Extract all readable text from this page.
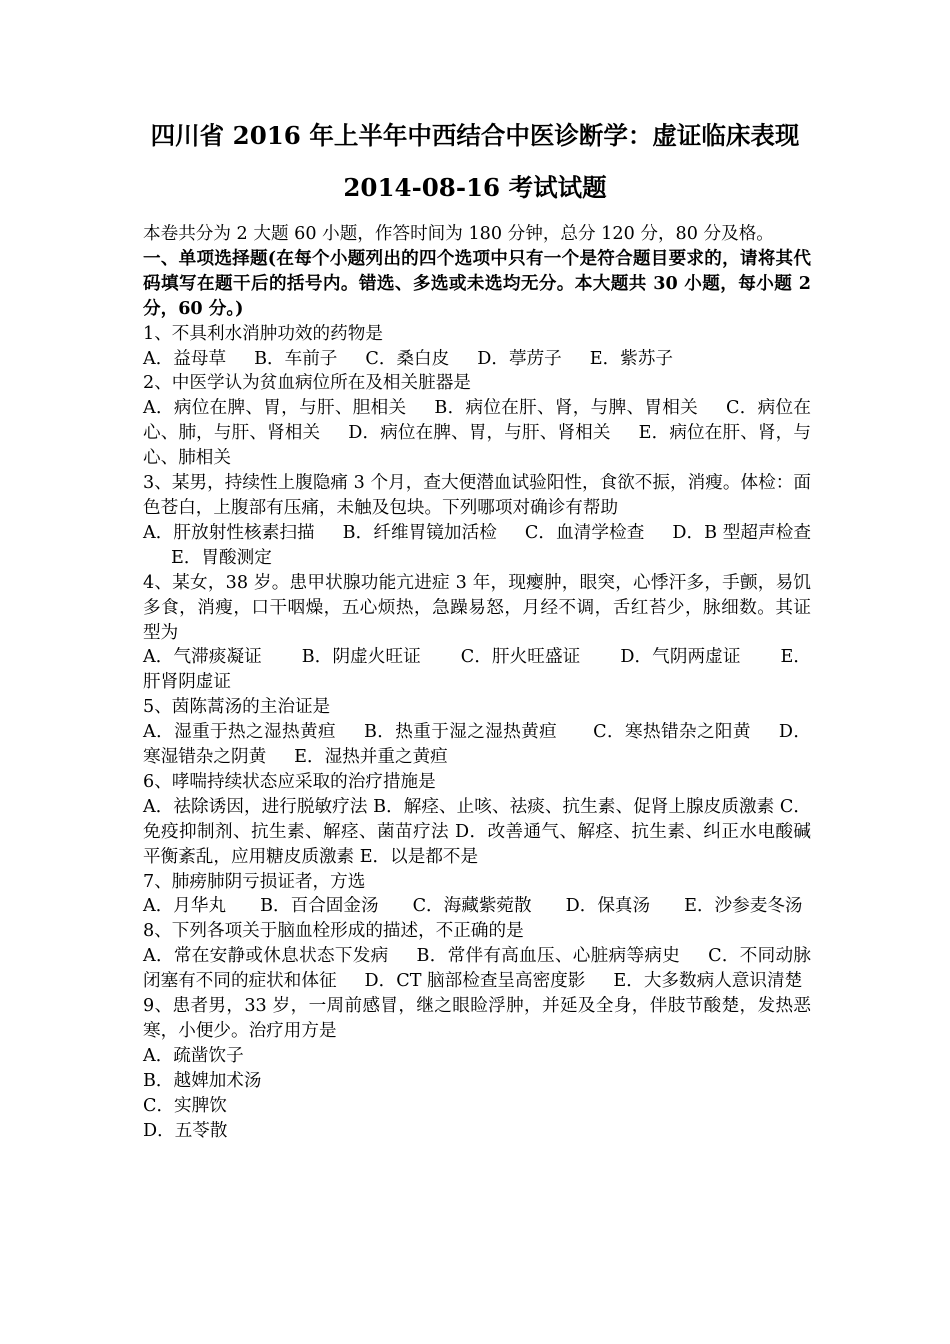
四川省 2016 年上半年中西结合中医诊断学：虚证临床表现
2014-08-16 考试试题

本卷共分为 2 大题 60 小题，作答时间为 180 分钟，总分 120 分，80 分及格。

一、单项选择题(在每个小题列出的四个选项中只有一个是符合题目要求的，请将其代码填写在题干后的括号内。错选、多选或未选均无分。本大题共 30 小题，每小题 2 分，60 分。)

1、不具利水消肿功效的药物是

A．益母草 B．车前子 C．桑白皮 D．葶苈子 E．紫苏子

2、中医学认为贫血病位所在及相关脏器是

A．病位在脾、胃，与肝、胆相关 B．病位在肝、肾，与脾、胃相关 C．病位在心、肺，与肝、肾相关 D．病位在脾、胃，与肝、肾相关 E．病位在肝、肾，与心、肺相关

3、某男，持续性上腹隐痛 3 个月，查大便潜血试验阳性，食欲不振，消瘦。体检：面色苍白，上腹部有压痛，未触及包块。下列哪项对确诊有帮助

A．肝放射性核素扫描 B．纤维胃镜加活检 C．血清学检查 D．B 型超声检查E．胃酸测定

4、某女，38 岁。患甲状腺功能亢进症 3 年，现瘿肿，眼突，心悸汗多，手颤，易饥多食，消瘦，口干咽燥，五心烦热，急躁易怒，月经不调，舌红苔少，脉细数。其证型为

A．气滞痰凝证 B．阴虚火旺证 C．肝火旺盛证 D．气阴两虚证 E．肝肾阴虚证

5、茵陈蒿汤的主治证是

A．湿重于热之湿热黄疸 B．热重于湿之湿热黄疸 C．寒热错杂之阳黄 D．寒湿错杂之阴黄 E．湿热并重之黄疸

6、哮喘持续状态应采取的治疗措施是

A．祛除诱因，进行脱敏疗法 B．解痉、止咳、祛痰、抗生素、促肾上腺皮质激素 C．免疫抑制剂、抗生素、解痉、菌苗疗法 D．改善通气、解痉、抗生素、纠正水电酸碱平衡紊乱，应用糖皮质激素 E．以是都不是

7、肺痨肺阴亏损证者，方选

A．月华丸 B．百合固金汤 C．海藏紫菀散 D．保真汤 E．沙参麦冬汤

8、下列各项关于脑血栓形成的描述，不正确的是

A．常在安静或休息状态下发病 B．常伴有高血压、心脏病等病史 C．不同动脉闭塞有不同的症状和体征 D．CT 脑部检查呈高密度影 E．大多数病人意识清楚

9、患者男，33 岁，一周前感冒，继之眼睑浮肿，并延及全身，伴肢节酸楚，发热恶寒，小便少。治疗用方是

A．疏凿饮子

B．越婢加术汤

C．实脾饮

D．五苓散
